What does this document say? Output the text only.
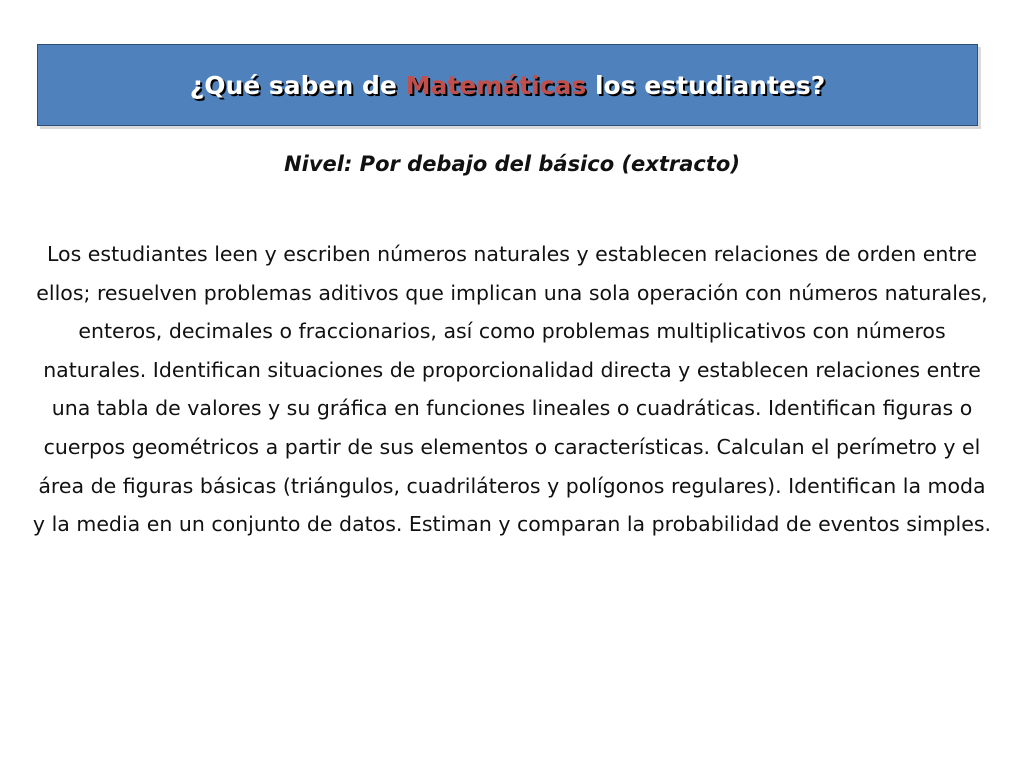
¿Qué saben de Matemáticas los estudiantes?
Nivel: Por debajo del básico (extracto)

Los estudiantes leen y escriben números naturales y establecen relaciones de orden entre ellos; resuelven problemas aditivos que implican una sola operación con números naturales, enteros, decimales o fraccionarios, así como problemas multiplicativos con números naturales. Identifican situaciones de proporcionalidad directa y establecen relaciones entre una tabla de valores y su gráfica en funciones lineales o cuadráticas. Identifican figuras o cuerpos geométricos a partir de sus elementos o características. Calculan el perímetro y el área de figuras básicas (triángulos, cuadriláteros y polígonos regulares). Identifican la moda y la media en un conjunto de datos. Estiman y comparan la probabilidad de eventos simples.
